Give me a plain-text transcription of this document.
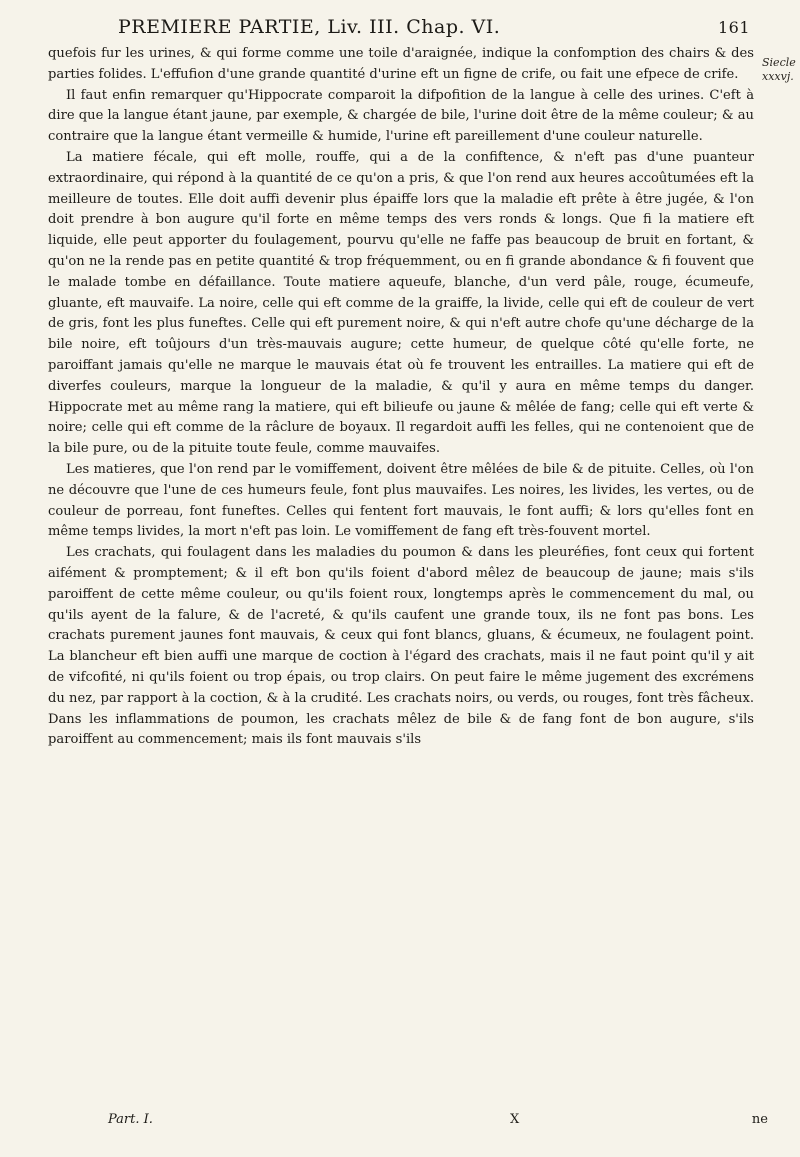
PREMIERE PARTIE, Liv. III. Chap. VI.	161
Siecle xxxvj.

quefois fur les urines, & qui forme comme une toile d'araignée, indique la confomption des chairs & des parties folides. L'effufion d'une grande quantité d'urine eft un figne de crife, ou fait une efpece de crife.

Il faut enfin remarquer qu'Hippocrate comparoit la difpofition de la langue à celle des urines. C'eft à dire que la langue étant jaune, par exemple, & chargée de bile, l'urine doit être de la même couleur; & au contraire que la langue étant vermeille & humide, l'urine eft pareillement d'une couleur naturelle.

La matiere fécale, qui eft molle, rouffe, qui a de la confiftence, & n'eft pas d'une puanteur extraordinaire, qui répond à la quantité de ce qu'on a pris, & que l'on rend aux heures accoûtumées eft la meilleure de toutes. Elle doit auffi devenir plus épaiffe lors que la maladie eft prête à être jugée, & l'on doit prendre à bon augure qu'il forte en même temps des vers ronds & longs. Que fi la matiere eft liquide, elle peut apporter du foulagement, pourvu qu'elle ne faffe pas beaucoup de bruit en fortant, & qu'on ne la rende pas en petite quantité & trop fréquemment, ou en fi grande abondance & fi fouvent que le malade tombe en défaillance. Toute matiere aqueufe, blanche, d'un verd pâle, rouge, écumeufe, gluante, eft mauvaife. La noire, celle qui eft comme de la graiffe, la livide, celle qui eft de couleur de vert de gris, font les plus funeftes. Celle qui eft purement noire, & qui n'eft autre chofe qu'une décharge de la bile noire, eft toûjours d'un très-mauvais augure; cette humeur, de quelque côté qu'elle forte, ne paroiffant jamais qu'elle ne marque le mauvais état où fe trouvent les entrailles. La matiere qui eft de diverfes couleurs, marque la longueur de la maladie, & qu'il y aura en même temps du danger. Hippocrate met au même rang la matiere, qui eft bilieufe ou jaune & mêlée de fang; celle qui eft verte & noire; celle qui eft comme de la râclure de boyaux. Il regardoit auffi les felles, qui ne contenoient que de la bile pure, ou de la pituite toute feule, comme mauvaifes.

Les matieres, que l'on rend par le vomiffement, doivent être mêlées de bile & de pituite. Celles, où l'on ne découvre que l'une de ces humeurs feule, font plus mauvaifes. Les noires, les livides, les vertes, ou de couleur de porreau, font funeftes. Celles qui fentent fort mauvais, le font auffi; & lors qu'elles font en même temps livides, la mort n'eft pas loin. Le vomiffement de fang eft très-fouvent mortel.

Les crachats, qui foulagent dans les maladies du poumon & dans les pleuréfies, font ceux qui fortent aifément & promptement; & il eft bon qu'ils foient d'abord mêlez de beaucoup de jaune; mais s'ils paroiffent de cette même couleur, ou qu'ils foient roux, longtemps après le commencement du mal, ou qu'ils ayent de la falure, & de l'acreté, & qu'ils caufent une grande toux, ils ne font pas bons. Les crachats purement jaunes font mauvais, & ceux qui font blancs, gluans, & écumeux, ne foulagent point. La blancheur eft bien auffi une marque de coction à l'égard des crachats, mais il ne faut point qu'il y ait de vifcofité, ni qu'ils foient ou trop épais, ou trop clairs. On peut faire le même jugement des excrémens du nez, par rapport à la coction, & à la crudité. Les crachats noirs, ou verds, ou rouges, font très fâcheux. Dans les inflammations de poumon, les crachats mêlez de bile & de fang font de bon augure, s'ils paroiffent au commencement; mais ils font mauvais s'ils

Part. I.	X	ne
